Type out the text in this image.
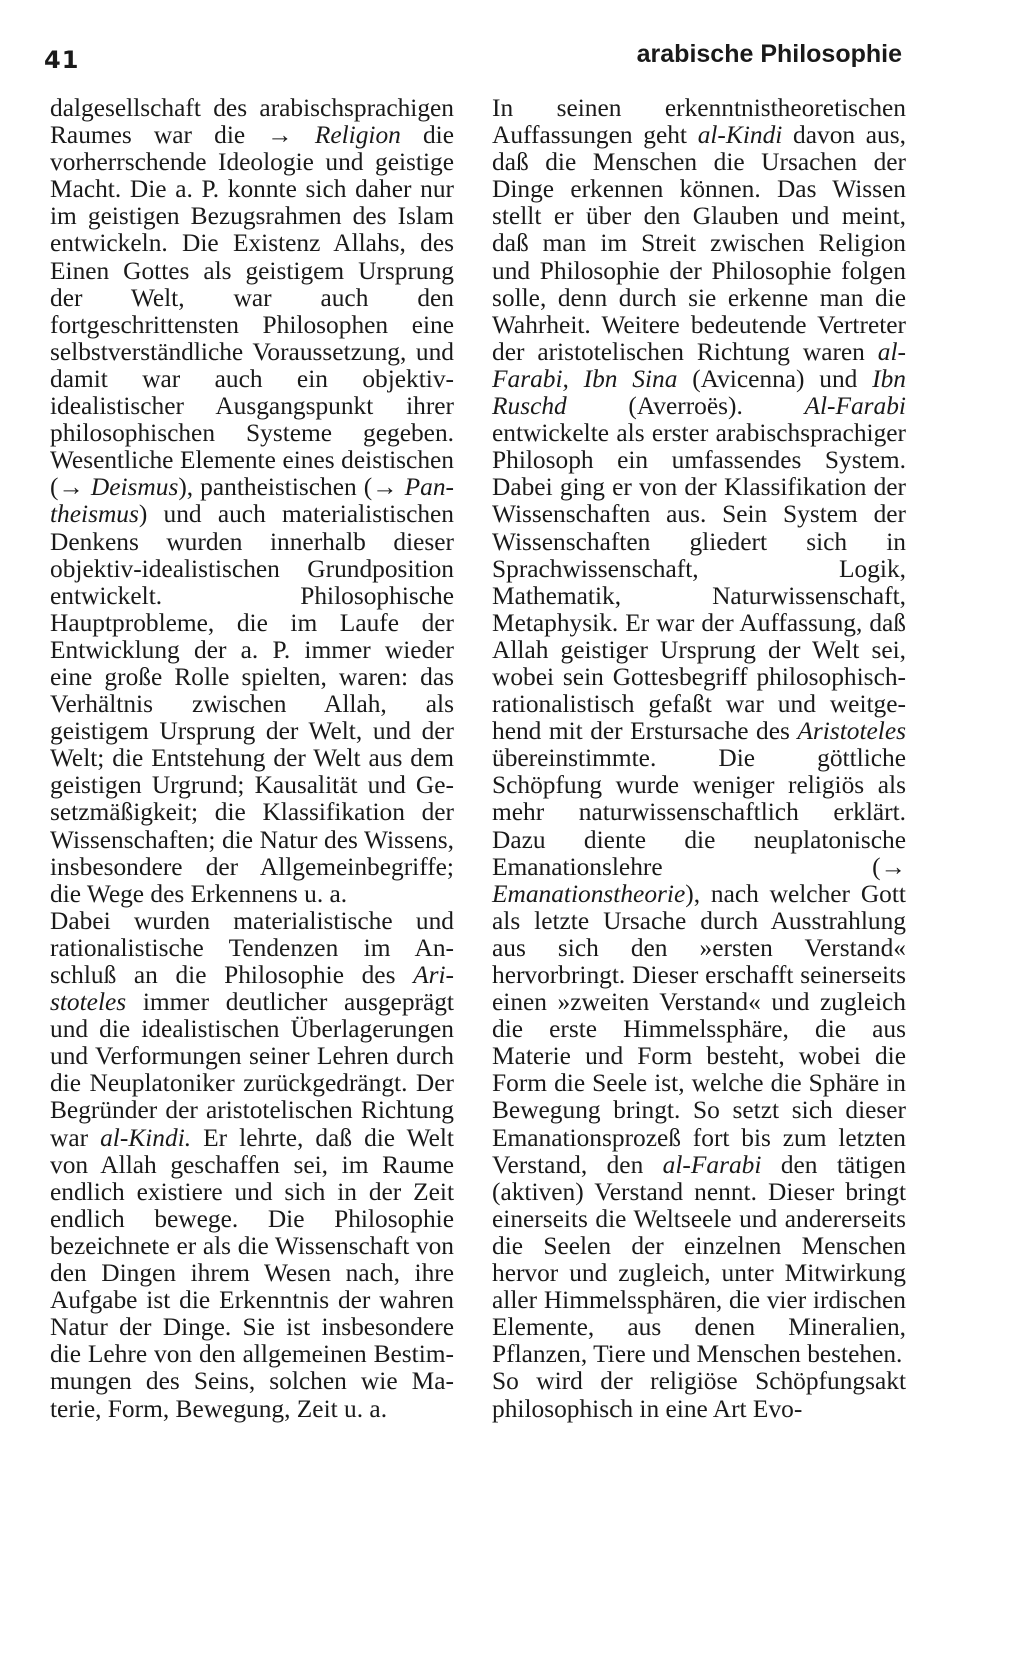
41	arabische Philosophie

dalgesellschaft des arabischsprachigen Raumes war die → Religion die vorherrschende Ideologie und geistige Macht. Die a. P. konnte sich daher nur im geistigen Bezugsrahmen des Islam entwickeln. Die Existenz Allahs, des Einen Gottes als geistigem Ursprung der Welt, war auch den fortgeschrittensten Philosophen eine selbstverständliche Voraussetzung, und damit war auch ein objektiv-idealistischer Ausgangspunkt ihrer philosophischen Systeme gegeben. Wesentliche Elemente eines deistischen (→ Deismus), pantheistischen (→ Pantheismus) und auch materialistischen Denkens wurden innerhalb dieser objektiv-idealistischen Grundposition entwickelt. Philosophische Hauptprobleme, die im Laufe der Entwicklung der a. P. immer wieder eine große Rolle spielten, waren: das Verhältnis zwischen Allah, als geistigem Ursprung der Welt, und der Welt; die Entstehung der Welt aus dem geistigen Urgrund; Kausalität und Gesetzmäßigkeit; die Klassifikation der Wissenschaften; die Natur des Wissens, insbesondere der Allgemeinbegriffe; die Wege des Erkennens u. a.

Dabei wurden materialistische und rationalistische Tendenzen im Anschluß an die Philosophie des Aristoteles immer deutlicher ausgeprägt und die idealistischen Überlagerungen und Verformungen seiner Lehren durch die Neuplatoniker zurückgedrängt. Der Begründer der aristotelischen Richtung war al-Kindi. Er lehrte, daß die Welt von Allah geschaffen sei, im Raume endlich existiere und sich in der Zeit endlich bewege. Die Philosophie bezeichnete er als die Wissenschaft von den Dingen ihrem Wesen nach, ihre Aufgabe ist die Erkenntnis der wahren Natur der Dinge. Sie ist insbesondere die Lehre von den allgemeinen Bestimmungen des Seins, solchen wie Materie, Form, Bewegung, Zeit u. a.

In seinen erkenntnistheoretischen Auffassungen geht al-Kindi davon aus, daß die Menschen die Ursachen der Dinge erkennen können. Das Wissen stellt er über den Glauben und meint, daß man im Streit zwischen Religion und Philosophie der Philosophie folgen solle, denn durch sie erkenne man die Wahrheit. Weitere bedeutende Vertreter der aristotelischen Richtung waren al-Farabi, Ibn Sina (Avicenna) und Ibn Ruschd (Averroës). Al-Farabi entwickelte als erster arabischsprachiger Philosoph ein umfassendes System. Dabei ging er von der Klassifikation der Wissenschaften aus. Sein System der Wissenschaften gliedert sich in Sprachwissenschaft, Logik, Mathematik, Naturwissenschaft, Metaphysik. Er war der Auffassung, daß Allah geistiger Ursprung der Welt sei, wobei sein Gottesbegriff philosophisch-rationalistisch gefaßt war und weitgehend mit der Erstursache des Aristoteles übereinstimmte. Die göttliche Schöpfung wurde weniger religiös als mehr naturwissenschaftlich erklärt. Dazu diente die neuplatonische Emanationslehre (→ Emanationstheorie), nach welcher Gott als letzte Ursache durch Ausstrahlung aus sich den »ersten Verstand« hervorbringt. Dieser erschafft seinerseits einen »zweiten Verstand« und zugleich die erste Himmelssphäre, die aus Materie und Form besteht, wobei die Form die Seele ist, welche die Sphäre in Bewegung bringt. So setzt sich dieser Emanationsprozeß fort bis zum letzten Verstand, den al-Farabi den tätigen (aktiven) Verstand nennt. Dieser bringt einerseits die Weltseele und andererseits die Seelen der einzelnen Menschen hervor und zugleich, unter Mitwirkung aller Himmelssphären, die vier irdischen Elemente, aus denen Mineralien, Pflanzen, Tiere und Menschen bestehen.

So wird der religiöse Schöpfungsakt philosophisch in eine Art Evo-
